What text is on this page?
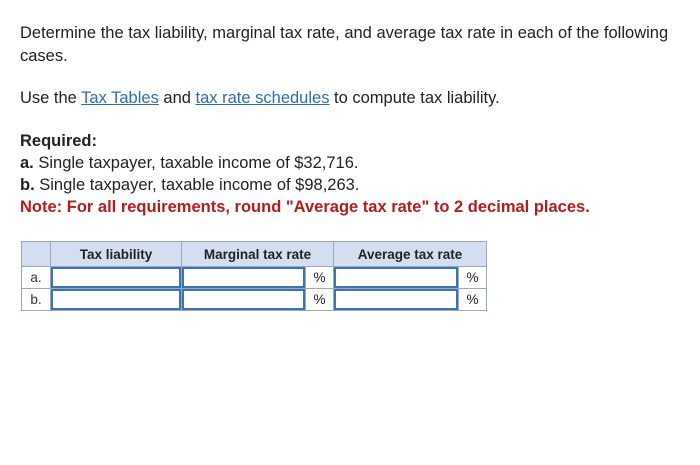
Determine the tax liability, marginal tax rate, and average tax rate in each of the following cases.

Use the Tax Tables and tax rate schedules to compute tax liability.

Required:

a. Single taxpayer, taxable income of $32,716.

b. Single taxpayer, taxable income of $98,263.

Note: For all requirements, round "Average tax rate" to 2 decimal places.

	Tax liability	Marginal tax rate		Average tax rate	
a.			%		%
b.			%		%
